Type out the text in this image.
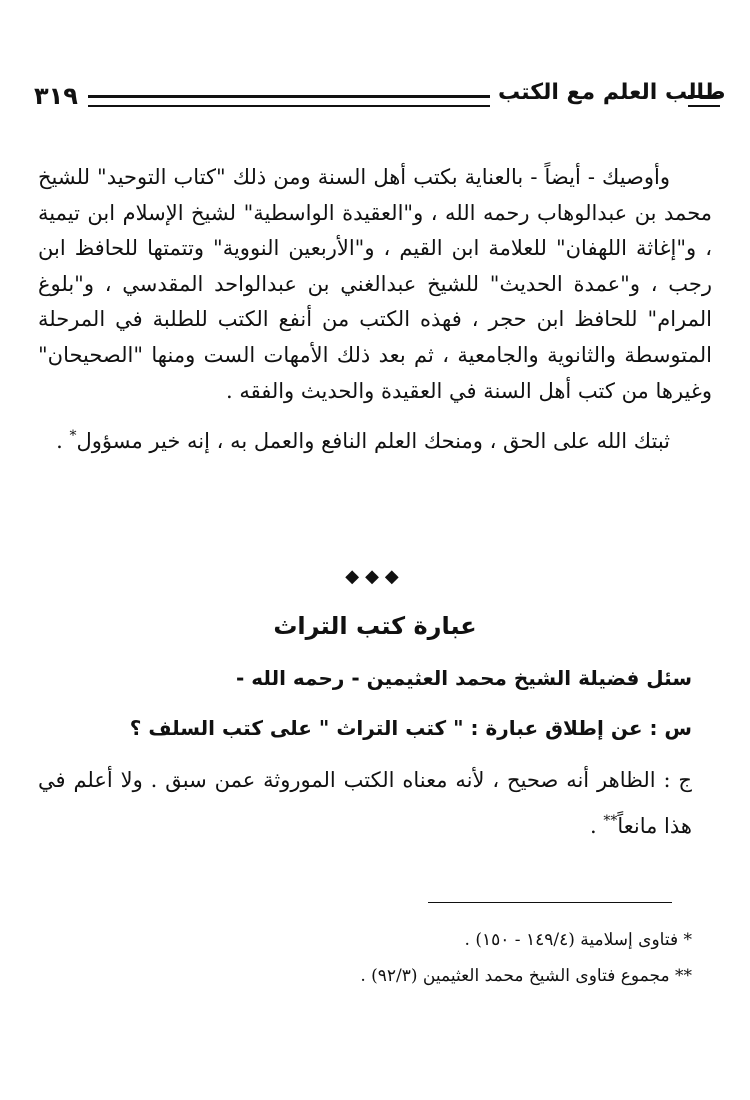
٣١٩	طالب العلم مع الكتب

وأوصيك - أيضاً - بالعناية بكتب أهل السنة ومن ذلك "كتاب التوحيد" للشيخ محمد بن عبدالوهاب رحمه الله ، و"العقيدة الواسطية" لشيخ الإسلام ابن تيمية ، و"إغاثة اللهفان" للعلامة ابن القيم ، و"الأربعين النووية" وتتمتها للحافظ ابن رجب ، و"عمدة الحديث" للشيخ عبدالغني بن عبدالواحد المقدسي ، و"بلوغ المرام" للحافظ ابن حجر ، فهذه الكتب من أنفع الكتب للطلبة في المرحلة المتوسطة والثانوية والجامعية ، ثم بعد ذلك الأمهات الست ومنها "الصحيحان" وغيرها من كتب أهل السنة في العقيدة والحديث والفقه .

ثبتك الله على الحق ، ومنحك العلم النافع والعمل به ، إنه خير مسؤول* .

◆◆◆
عبارة كتب التراث
سئل فضيلة الشيخ محمد العثيمين - رحمه الله -
س : عن إطلاق عبارة : " كتب التراث " على كتب السلف ؟

ج : الظاهر أنه صحيح ، لأنه معناه الكتب الموروثة عمن سبق . ولا أعلم في هذا مانعاً** .

* فتاوى إسلامية (١٤٩/٤ - ١٥٠) .

** مجموع فتاوى الشيخ محمد العثيمين (٩٢/٣) .
